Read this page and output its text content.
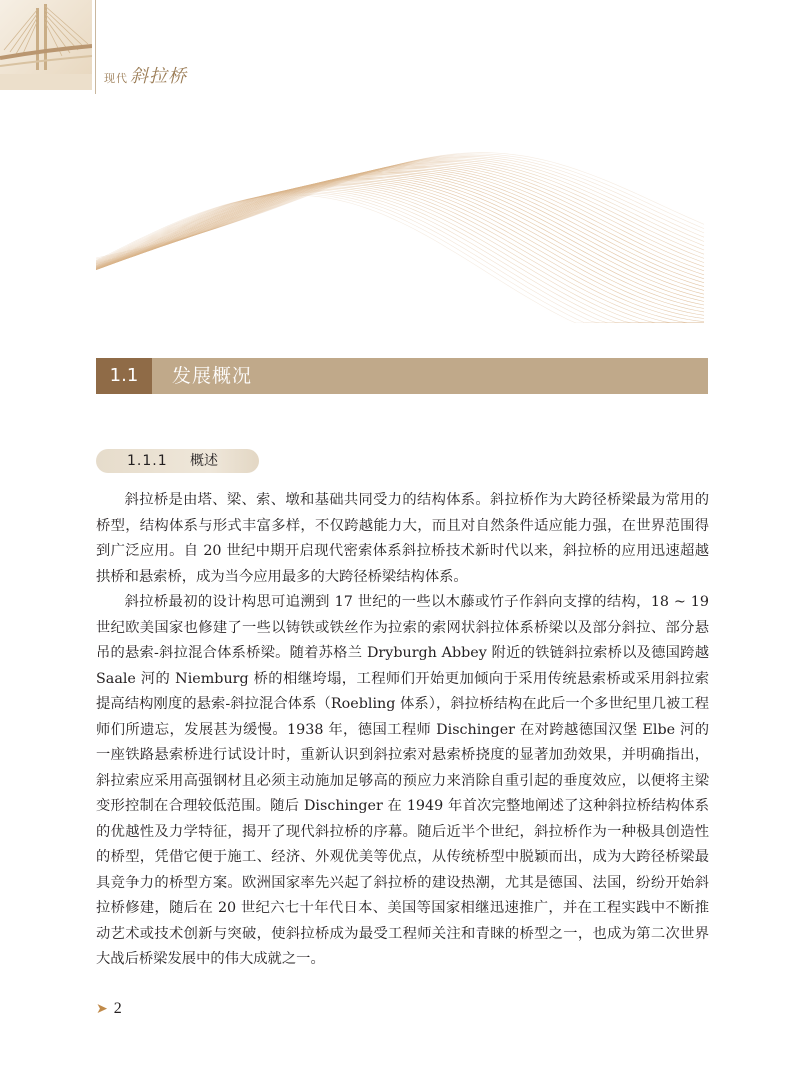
现代 斜拉桥
1.1	发展概况
1.1.1 概述

斜拉桥是由塔、梁、索、墩和基础共同受力的结构体系。斜拉桥作为大跨径桥梁最为常用的桥型，结构体系与形式丰富多样，不仅跨越能力大，而且对自然条件适应能力强，在世界范围得到广泛应用。自 20 世纪中期开启现代密索体系斜拉桥技术新时代以来，斜拉桥的应用迅速超越拱桥和悬索桥，成为当今应用最多的大跨径桥梁结构体系。

斜拉桥最初的设计构思可追溯到 17 世纪的一些以木藤或竹子作斜向支撑的结构，18 ~ 19 世纪欧美国家也修建了一些以铸铁或铁丝作为拉索的索网状斜拉体系桥梁以及部分斜拉、部分悬吊的悬索-斜拉混合体系桥梁。随着苏格兰 Dryburgh Abbey 附近的铁链斜拉索桥以及德国跨越 Saale 河的 Niemburg 桥的相继垮塌，工程师们开始更加倾向于采用传统悬索桥或采用斜拉索提高结构刚度的悬索-斜拉混合体系（Roebling 体系），斜拉桥结构在此后一个多世纪里几被工程师们所遗忘，发展甚为缓慢。1938 年，德国工程师 Dischinger 在对跨越德国汉堡 Elbe 河的一座铁路悬索桥进行试设计时，重新认识到斜拉索对悬索桥挠度的显著加劲效果，并明确指出，斜拉索应采用高强钢材且必须主动施加足够高的预应力来消除自重引起的垂度效应，以便将主梁变形控制在合理较低范围。随后 Dischinger 在 1949 年首次完整地阐述了这种斜拉桥结构体系的优越性及力学特征，揭开了现代斜拉桥的序幕。随后近半个世纪，斜拉桥作为一种极具创造性的桥型，凭借它便于施工、经济、外观优美等优点，从传统桥型中脱颖而出，成为大跨径桥梁最具竞争力的桥型方案。欧洲国家率先兴起了斜拉桥的建设热潮，尤其是德国、法国，纷纷开始斜拉桥修建，随后在 20 世纪六七十年代日本、美国等国家相继迅速推广，并在工程实践中不断推动艺术或技术创新与突破，使斜拉桥成为最受工程师关注和青睐的桥型之一，也成为第二次世界大战后桥梁发展中的伟大成就之一。

➤ 2
